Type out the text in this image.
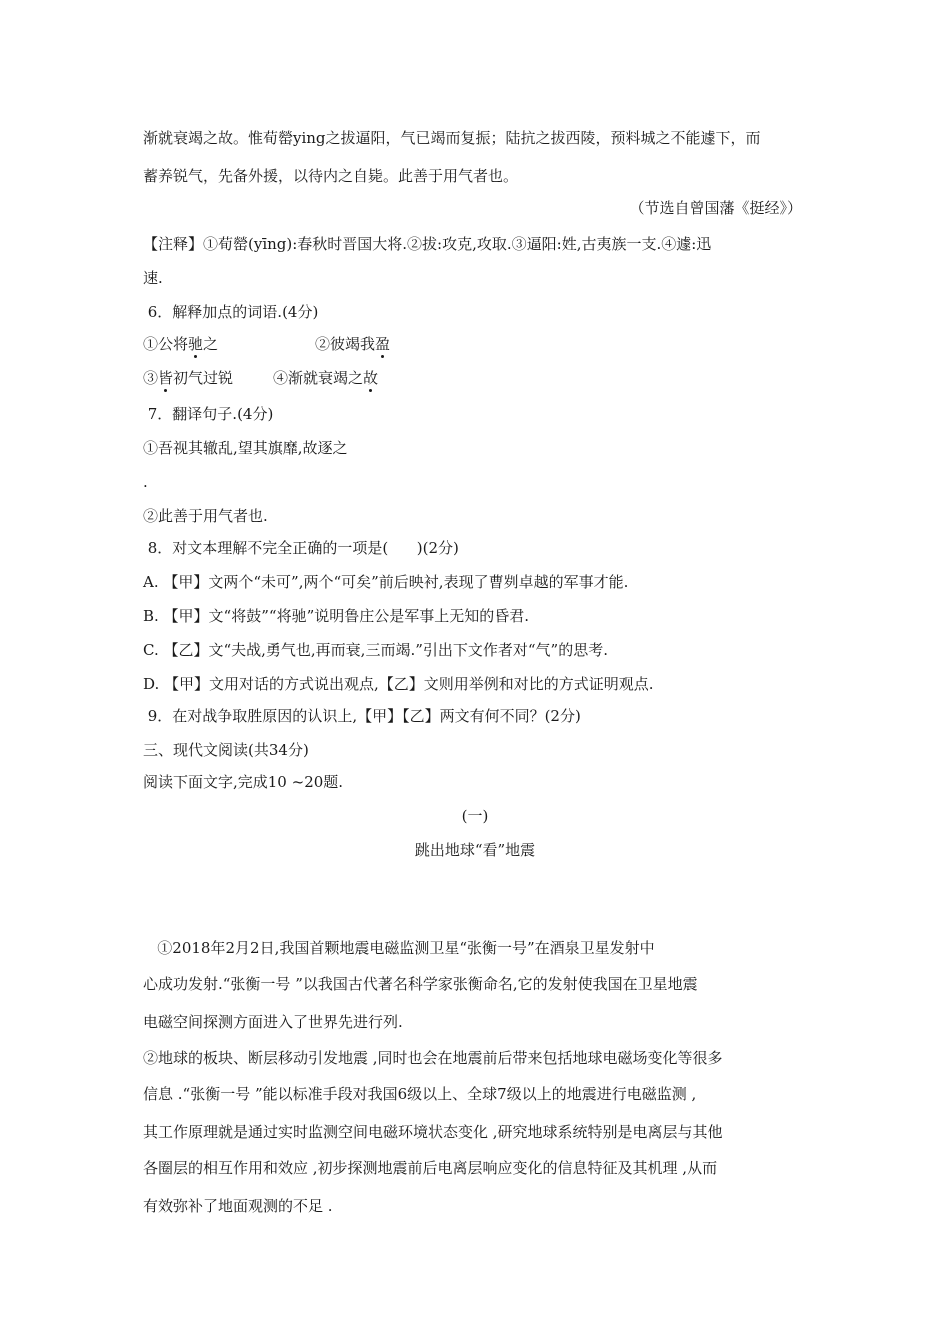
渐就衰竭之故。惟荀罃ying之拔逼阳，气已竭而复振；陆抗之拔西陵，预料城之不能遽下，而
蓄养锐气，先备外援，以待内之自毙。此善于用气者也。
（节选自曾国藩《挺经》）
【注释】①荀罃(yīng):春秋时晋国大将.②拔:攻克,攻取.③逼阳:姓,古夷族一支.④遽:迅
速.
6．解释加点的词语.(4分)
①公将驰之	②彼竭我盈
③皆初气过锐	④渐就衰竭之故
7．翻译句子.(4分)
①吾视其辙乱,望其旗靡,故逐之
.
②此善于用气者也.
8．对文本理解不完全正确的一项是(      )(2分)
A. 【甲】文两个“未可”,两个“可矣”前后映衬,表现了曹刿卓越的军事才能.
B. 【甲】文“将鼓”“将驰”说明鲁庄公是军事上无知的昏君.
C. 【乙】文“夫战,勇气也,再而衰,三而竭.”引出下文作者对“气”的思考.
D. 【甲】文用对话的方式说出观点,【乙】文则用举例和对比的方式证明观点.
9．在对战争取胜原因的认识上,【甲】【乙】两文有何不同？(2分)
三、现代文阅读(共34分)
阅读下面文字,完成10 ~20题.
(一)
跳出地球“看”地震
①2018年2月2日,我国首颗地震电磁监测卫星“张衡一号”在酒泉卫星发射中
心成功发射.“张衡一号 ”以我国古代著名科学家张衡命名,它的发射使我国在卫星地震
电磁空间探测方面进入了世界先进行列.
②地球的板块、断层移动引发地震 ,同时也会在地震前后带来包括地球电磁场变化等很多
信息 .“张衡一号 ”能以标准手段对我国6级以上、全球7级以上的地震进行电磁监测 ,
其工作原理就是通过实时监测空间电磁环境状态变化 ,研究地球系统特别是电离层与其他
各圈层的相互作用和效应 ,初步探测地震前后电离层响应变化的信息特征及其机理 ,从而
有效弥补了地面观测的不足 .
